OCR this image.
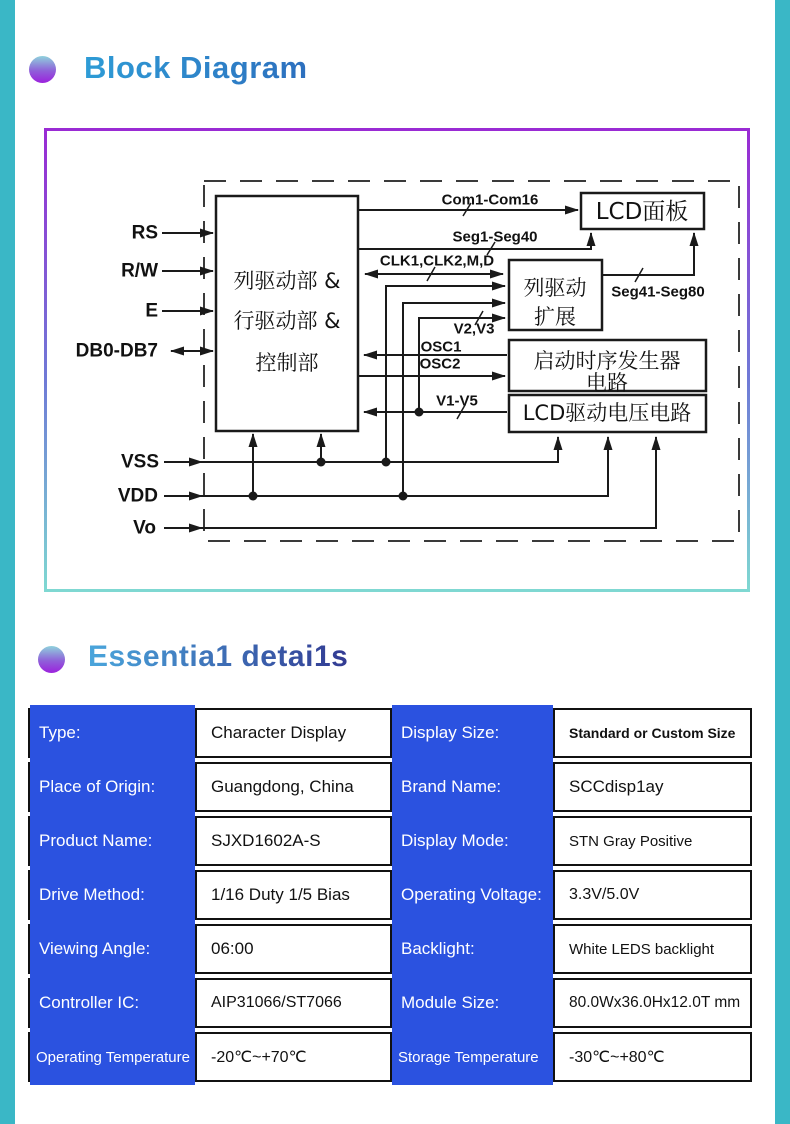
Block Diagram
列驱动部 &
行驱动部 &
控制部
LCD面板
列驱动
扩展
启动时序发生器
电路
LCD驱动电压电路
RS
R/W
E
DB0-DB7
VSS
VDD
Vo
Com1-Com16
Seg1-Seg40
CLK1,CLK2,M,D
Seg41-Seg80
V2,V3
OSC1
OSC2
V1-V5
Essentia1 detai1s
Type:	Character Display	Display Size:	Standard or Custom Size
Place of Origin:	Guangdong, China	Brand Name:	SCCdisp1ay
Product Name:	SJXD1602A-S	Display Mode:	STN Gray Positive
Drive Method:	1/16 Duty 1/5 Bias	Operating Voltage:	3.3V/5.0V
Viewing Angle:	06:00	Backlight:	White LEDS backlight
Controller IC:	AIP31066/ST7066	Module Size:	80.0Wx36.0Hx12.0T mm
Operating Temperature	-20℃~+70℃	Storage Temperature	-30℃~+80℃
